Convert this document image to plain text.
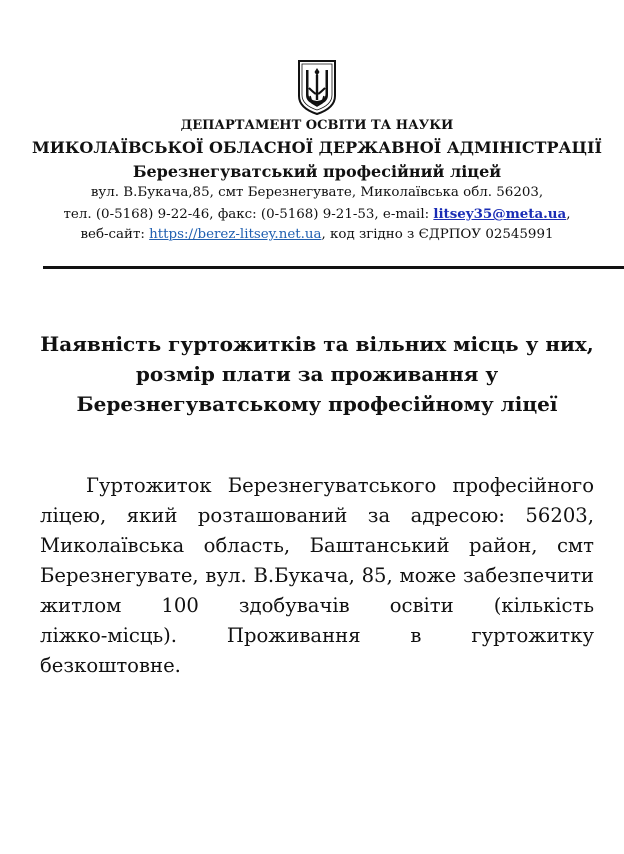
ДЕПАРТАМЕНТ ОСВІТИ ТА НАУКИ
МИКОЛАЇВСЬКОЇ ОБЛАСНОЇ ДЕРЖАВНОЇ АДМІНІСТРАЦІЇ
Березнегуватський професійний ліцей
вул. В.Букача,85, смт Березнегувате, Миколаївська обл. 56203,
тел. (0-5168) 9-22-46, факс: (0-5168) 9-21-53, e-mail: litsey35@meta.ua,
веб-сайт: https://berez-litsey.net.ua, код згідно з ЄДРПОУ 02545991
Наявність гуртожитків та вільних місць у них,
розмір плати за проживання у
Березнегуватському професійному ліцеї
Гуртожиток Березнегуватського професійного
ліцею, який розташований за адресою: 56203,
Миколаївська область, Баштанський район, смт
Березнегувате, вул. В.Букача, 85, може забезпечити
житлом 100 здобувачів освіти (кількість
ліжко-місць). Проживання в гуртожитку
безкоштовне.
